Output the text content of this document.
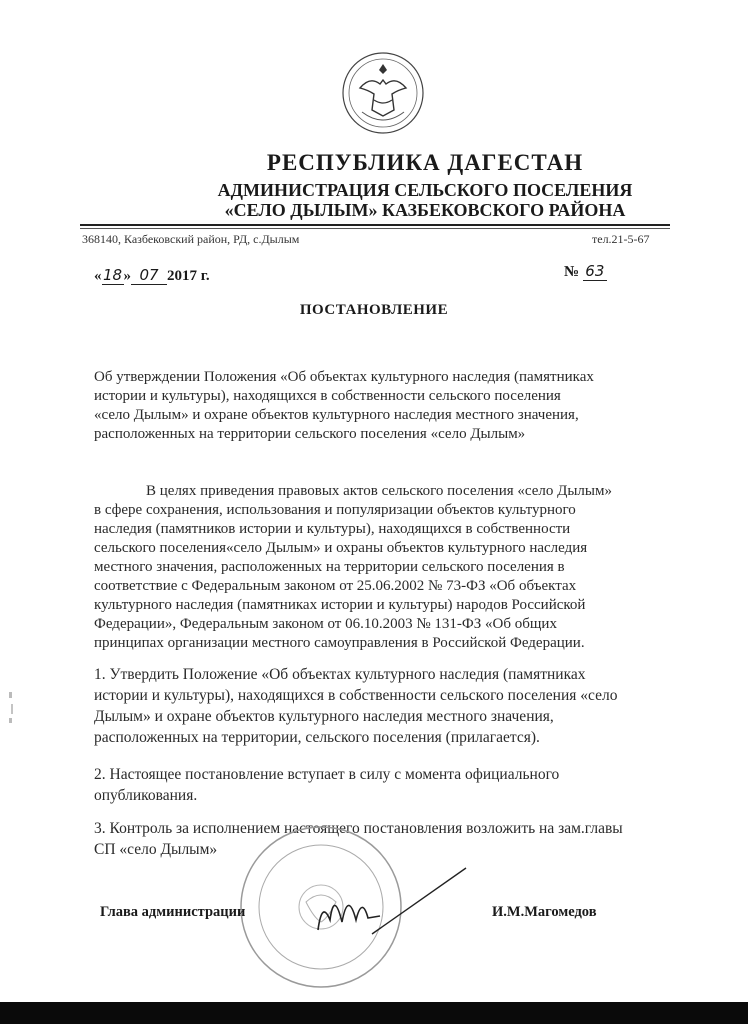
РЕСПУБЛИКА ДАГЕСТАН
АДМИНИСТРАЦИЯ СЕЛЬСКОГО ПОСЕЛЕНИЯ
«СЕЛО ДЫЛЫМ» КАЗБЕКОВСКОГО РАЙОНА
368140, Казбековский район, РД, с.Дылым	тел.21-5-67
«18» 07 2017 г.	№ 63
ПОСТАНОВЛЕНИЕ
Об утверждении Положения «Об объектах культурного наследия (памятниках
истории и культуры), находящихся в собственности сельского поселения
«село Дылым» и охране объектов культурного наследия местного значения,
расположенных на территории сельского поселения «село Дылым»
В целях приведения правовых актов сельского поселения «село Дылым»
в сфере сохранения, использования и популяризации объектов культурного
наследия (памятников истории и культуры), находящихся в собственности
сельского поселения«село Дылым» и охраны объектов культурного наследия
местного значения, расположенных на территории сельского поселения в
соответствие с Федеральным законом от 25.06.2002 № 73-ФЗ «Об объектах
культурного наследия (памятниках истории и культуры) народов Российской
Федерации», Федеральным законом от 06.10.2003 № 131-ФЗ «Об общих
принципах организации местного самоуправления в Российской Федерации.
1. Утвердить Положение «Об объектах культурного наследия (памятниках
истории и культуры), находящихся в собственности сельского поселения «село
Дылым» и охране объектов культурного наследия местного значения,
расположенных на территории, сельского поселения (прилагается).
2. Настоящее постановление вступает в силу с момента официального
опубликования.
3. Контроль за исполнением настоящего постановления возложить на зам.главы
СП «село Дылым»
Глава администрации	И.М.Магомедов
